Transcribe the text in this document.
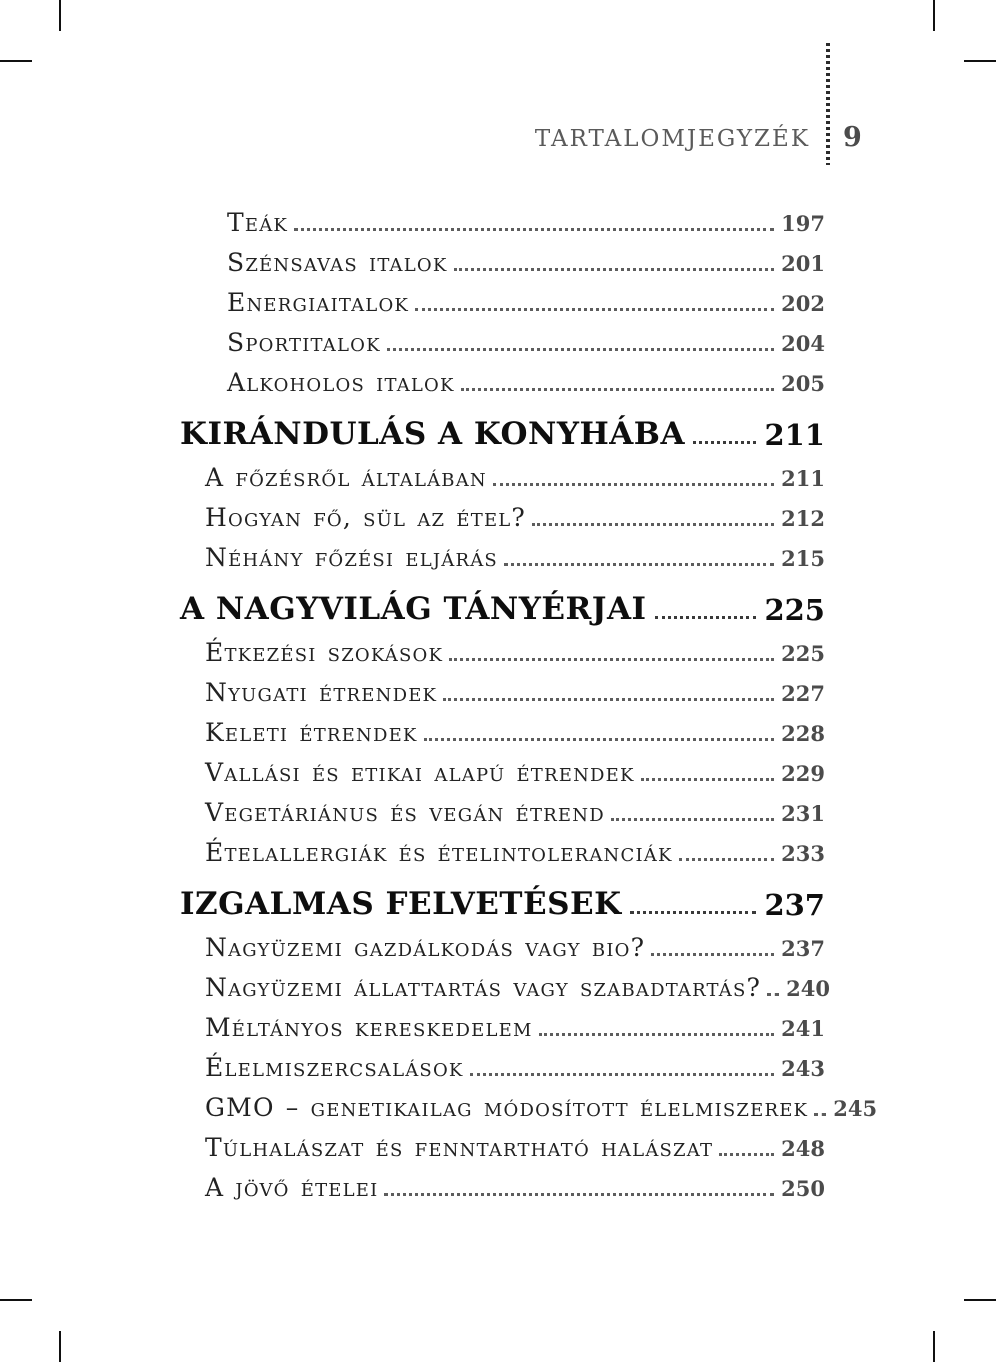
TARTALOMJEGYZÉK 9
Teák	197
Szénsavas italok	201
Energiaitalok	202
Sportitalok	204
Alkoholos italok	205
KIRÁNDULÁS A KONYHÁBA	211
A főzésről általában	211
Hogyan fő, sül az étel?	212
Néhány főzési eljárás	215
A NAGYVILÁG TÁNYÉRJAI	225
Étkezési szokások	225
Nyugati étrendek	227
Keleti étrendek	228
Vallási és etikai alapú étrendek	229
Vegetáriánus és vegán étrend	231
Ételallergiák és ételintoleranciák	233
IZGALMAS FELVETÉSEK	237
Nagyüzemi gazdálkodás vagy bio?	237
Nagyüzemi állattartás vagy szabadtartás? 240
Méltányos kereskedelem	241
Élelmiszercsalások	243
GMO – genetikailag módosított élelmiszerek 245
Túlhalászat és fenntartható halászat	248
A jövő ételei	250
